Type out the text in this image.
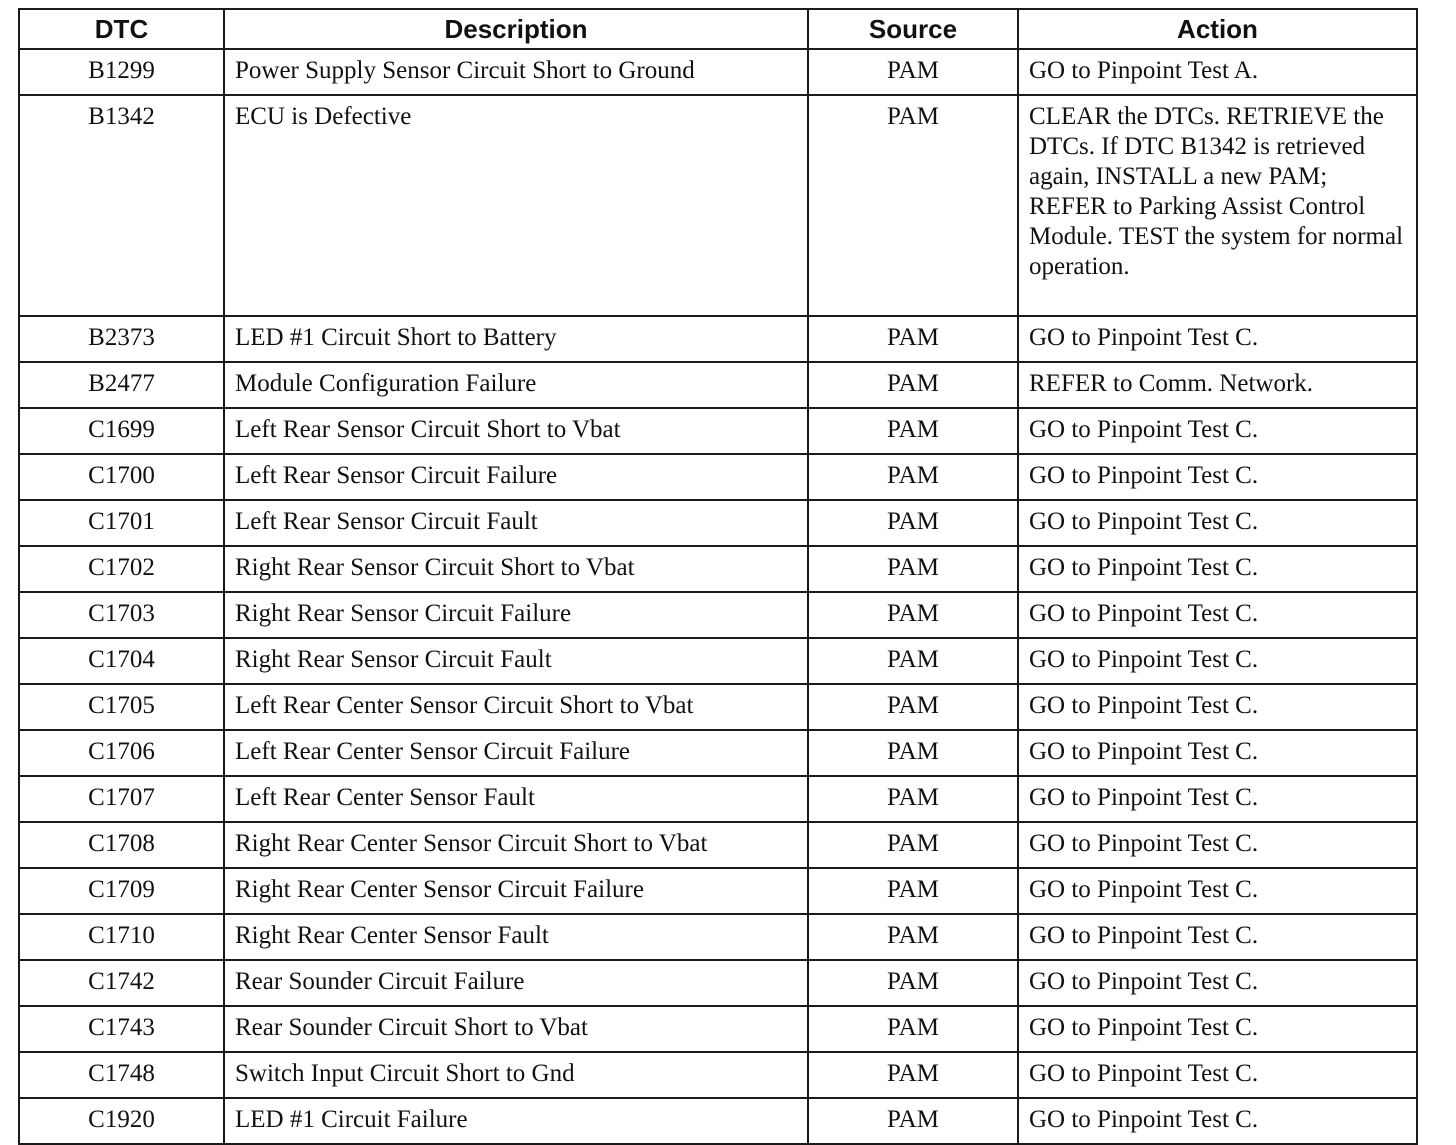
DTC	Description	Source	Action
B1299	Power Supply Sensor Circuit Short to Ground	PAM	GO to Pinpoint Test A.
B1342	ECU is Defective	PAM	CLEAR the DTCs. RETRIEVE the DTCs. If DTC B1342 is retrieved again, INSTALL a new PAM; REFER to Parking Assist Control Module. TEST the system for normal operation.
B2373	LED #1 Circuit Short to Battery	PAM	GO to Pinpoint Test C.
B2477	Module Configuration Failure	PAM	REFER to Comm. Network.
C1699	Left Rear Sensor Circuit Short to Vbat	PAM	GO to Pinpoint Test C.
C1700	Left Rear Sensor Circuit Failure	PAM	GO to Pinpoint Test C.
C1701	Left Rear Sensor Circuit Fault	PAM	GO to Pinpoint Test C.
C1702	Right Rear Sensor Circuit Short to Vbat	PAM	GO to Pinpoint Test C.
C1703	Right Rear Sensor Circuit Failure	PAM	GO to Pinpoint Test C.
C1704	Right Rear Sensor Circuit Fault	PAM	GO to Pinpoint Test C.
C1705	Left Rear Center Sensor Circuit Short to Vbat	PAM	GO to Pinpoint Test C.
C1706	Left Rear Center Sensor Circuit Failure	PAM	GO to Pinpoint Test C.
C1707	Left Rear Center Sensor Fault	PAM	GO to Pinpoint Test C.
C1708	Right Rear Center Sensor Circuit Short to Vbat	PAM	GO to Pinpoint Test C.
C1709	Right Rear Center Sensor Circuit Failure	PAM	GO to Pinpoint Test C.
C1710	Right Rear Center Sensor Fault	PAM	GO to Pinpoint Test C.
C1742	Rear Sounder Circuit Failure	PAM	GO to Pinpoint Test C.
C1743	Rear Sounder Circuit Short to Vbat	PAM	GO to Pinpoint Test C.
C1748	Switch Input Circuit Short to Gnd	PAM	GO to Pinpoint Test C.
C1920	LED #1 Circuit Failure	PAM	GO to Pinpoint Test C.
